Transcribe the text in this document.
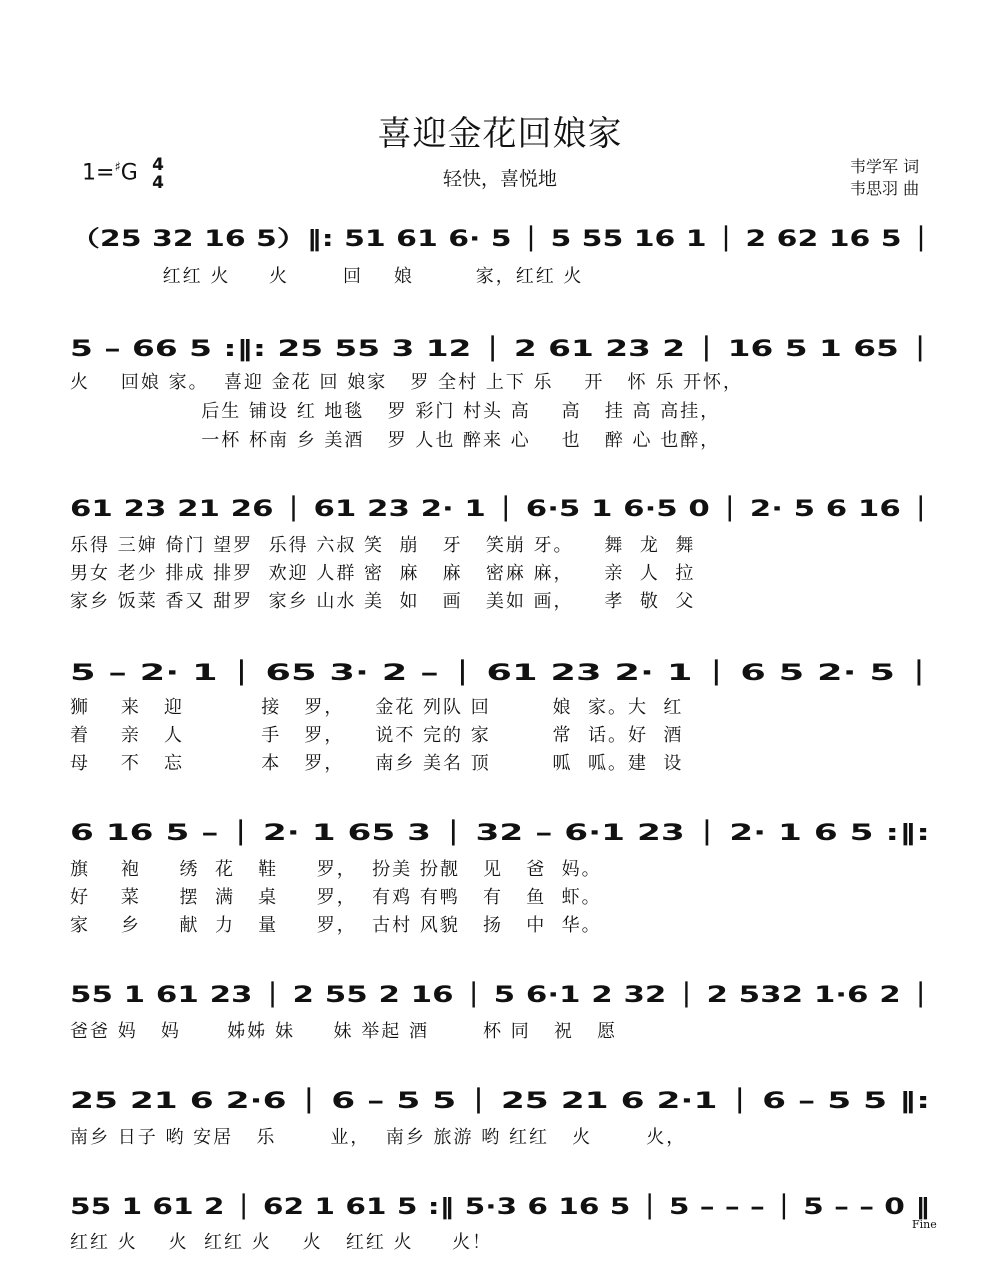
喜迎金花回娘家
1=♯G 4
4	轻快，喜悦地
韦学军 词
韦思羽 曲
（25 32 16 5）‖: 51 61 6· 5 │ 5 55 16 1 │ 2 62 16 5 │
红红 火     火       回    娘        家，红红 火
5 – 66 5 :‖: 25 55 3 12 │ 2 61 23 2 │ 16 5 1 65 │
火    回娘 家。  喜迎 金花 回 娘家   罗 全村 上下 乐    开   怀 乐 开怀，
后生 铺设 红 地毯   罗 彩门 村头 高    高   挂 高 高挂，
一杯 杯南 乡 美酒   罗 人也 醉来 心    也   醉 心 也醉，
61 23 21 26 │ 61 23 2· 1 │ 6·5 1 6·5 0 │ 2· 5 6 16 │
乐得 三婶 倚门 望罗  乐得 六叔 笑  崩   牙   笑崩 牙。    舞  龙  舞
男女 老少 排成 排罗  欢迎 人群 密  麻   麻   密麻 麻，    亲  人  拉
家乡 饭菜 香又 甜罗  家乡 山水 美  如   画   美如 画，    孝  敬  父
5 – 2· 1 │ 65 3· 2 – │ 61 23 2· 1 │ 6 5 2· 5 │
狮    来   迎          接   罗，    金花 列队 回        娘  家。大  红
着    亲   人          手   罗，    说不 完的 家        常  话。好  酒
母    不   忘          本   罗，    南乡 美名 顶        呱  呱。建  设
6 16 5 – │ 2· 1 65 3 │ 32 – 6·1 23 │ 2· 1 6 5 :‖:
旗    袍     绣  花   鞋     罗，  扮美 扮靓   见   爸  妈。
好    菜     摆  满   桌     罗，  有鸡 有鸭   有   鱼  虾。
家    乡     献  力   量     罗，  古村 风貌   扬   中  华。
55 1 61 23 │ 2 55 2 16 │ 5 6·1 2 32 │ 2 532 1·6 2 │
爸爸 妈   妈      姊姊 妹     妹 举起 酒       杯 同   祝   愿
25 21 6 2·6 │ 6 – 5 5 │ 25 21 6 2·1 │ 6 – 5 5 ‖:
南乡 日子 哟 安居   乐       业，  南乡 旅游 哟 红红   火       火，
55 1 61 2 │ 62 1 61 5 :‖ 5·3 6 16 5 │ 5 – – – │ 5 – – 0 ‖
红红 火    火  红红 火    火   红红 火     火！
Fine
